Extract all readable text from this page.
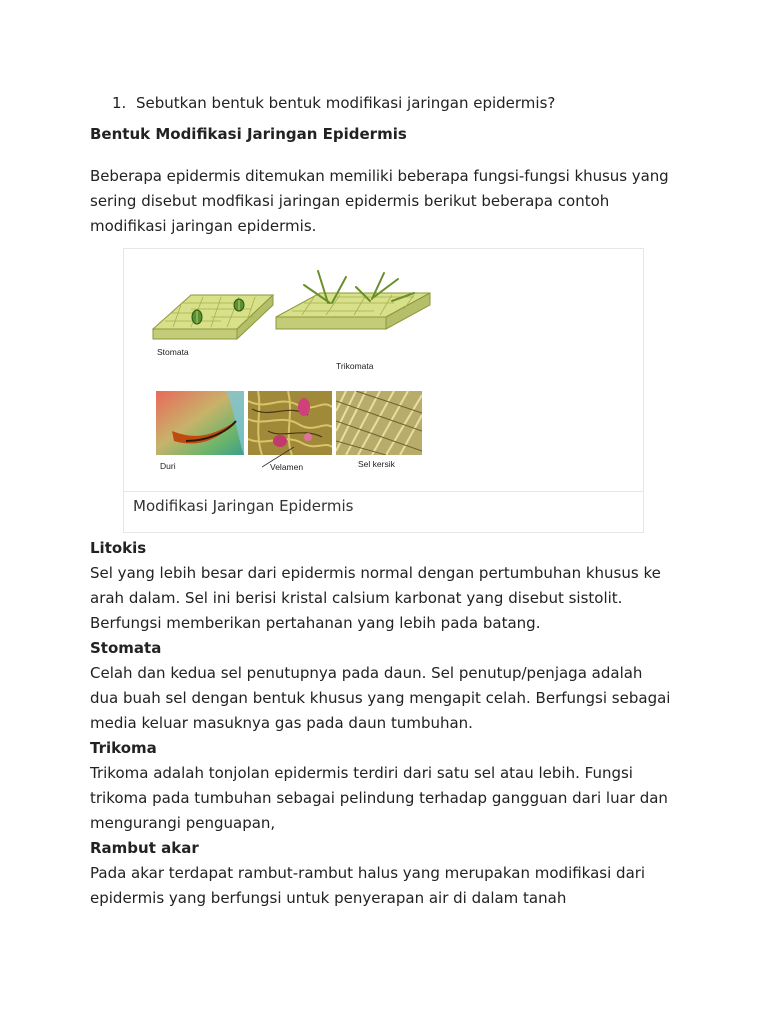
1. Sebutkan bentuk bentuk modifikasi jaringan epidermis?
Bentuk Modifikasi Jaringan Epidermis
Beberapa epidermis ditemukan memiliki beberapa fungsi-fungsi khusus yang
sering disebut modfikasi jaringan epidermis berikut beberapa contoh
modifikasi jaringan epidermis.
Stomata
Trikomata
Duri	Velamen	Sel kersik
Modifikasi Jaringan Epidermis
Litokis
Sel yang lebih besar dari epidermis normal dengan pertumbuhan khusus ke
arah dalam. Sel ini berisi kristal calsium karbonat yang disebut sistolit.
Berfungsi memberikan pertahanan yang lebih pada batang.
Stomata
Celah dan kedua sel penutupnya pada daun. Sel penutup/penjaga adalah
dua buah sel dengan bentuk khusus yang mengapit celah. Berfungsi sebagai
media keluar masuknya gas pada daun tumbuhan.
Trikoma
Trikoma adalah tonjolan epidermis terdiri dari satu sel atau lebih. Fungsi
trikoma pada tumbuhan sebagai pelindung terhadap gangguan dari luar dan
mengurangi penguapan,
Rambut akar
Pada akar terdapat rambut-rambut halus yang merupakan modifikasi dari
epidermis yang berfungsi untuk penyerapan air di dalam tanah
